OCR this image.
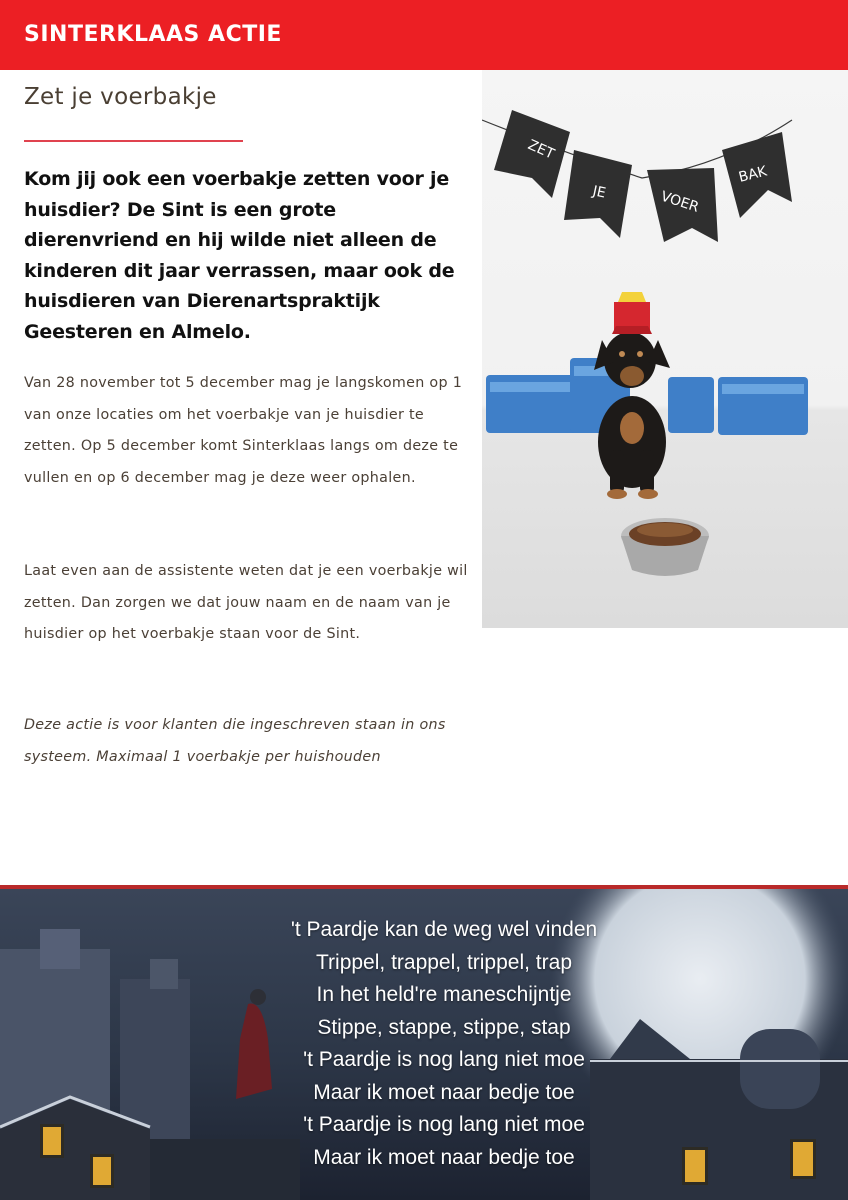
SINTERKLAAS ACTIE
Zet je voerbakje
Kom jij ook een voerbakje zetten voor je huisdier? De Sint is een grote dierenvriend en hij wilde niet alleen de kinderen dit jaar verrassen, maar ook de huisdieren van Dierenartspraktijk Geesteren en Almelo.
Van 28 november tot 5 december mag je langskomen op 1 van onze locaties om het voerbakje van je huisdier te zetten. Op 5 december komt Sinterklaas langs om deze te vullen en op 6 december mag je deze weer ophalen.
Laat even aan de assistente weten dat je een voerbakje wil zetten. Dan zorgen we dat jouw naam en de naam van je huisdier op het voerbakje staan voor de Sint.
Deze actie is voor klanten die ingeschreven staan in ons systeem. Maximaal 1 voerbakje per huishouden
ZET
JE	VOER
BAK
't Paardje kan de weg wel vinden
Trippel, trappel, trippel, trap
In het held're maneschijntje
Stippe, stappe, stippe, stap
't Paardje is nog lang niet moe
Maar ik moet naar bedje toe
't Paardje is nog lang niet moe
Maar ik moet naar bedje toe
